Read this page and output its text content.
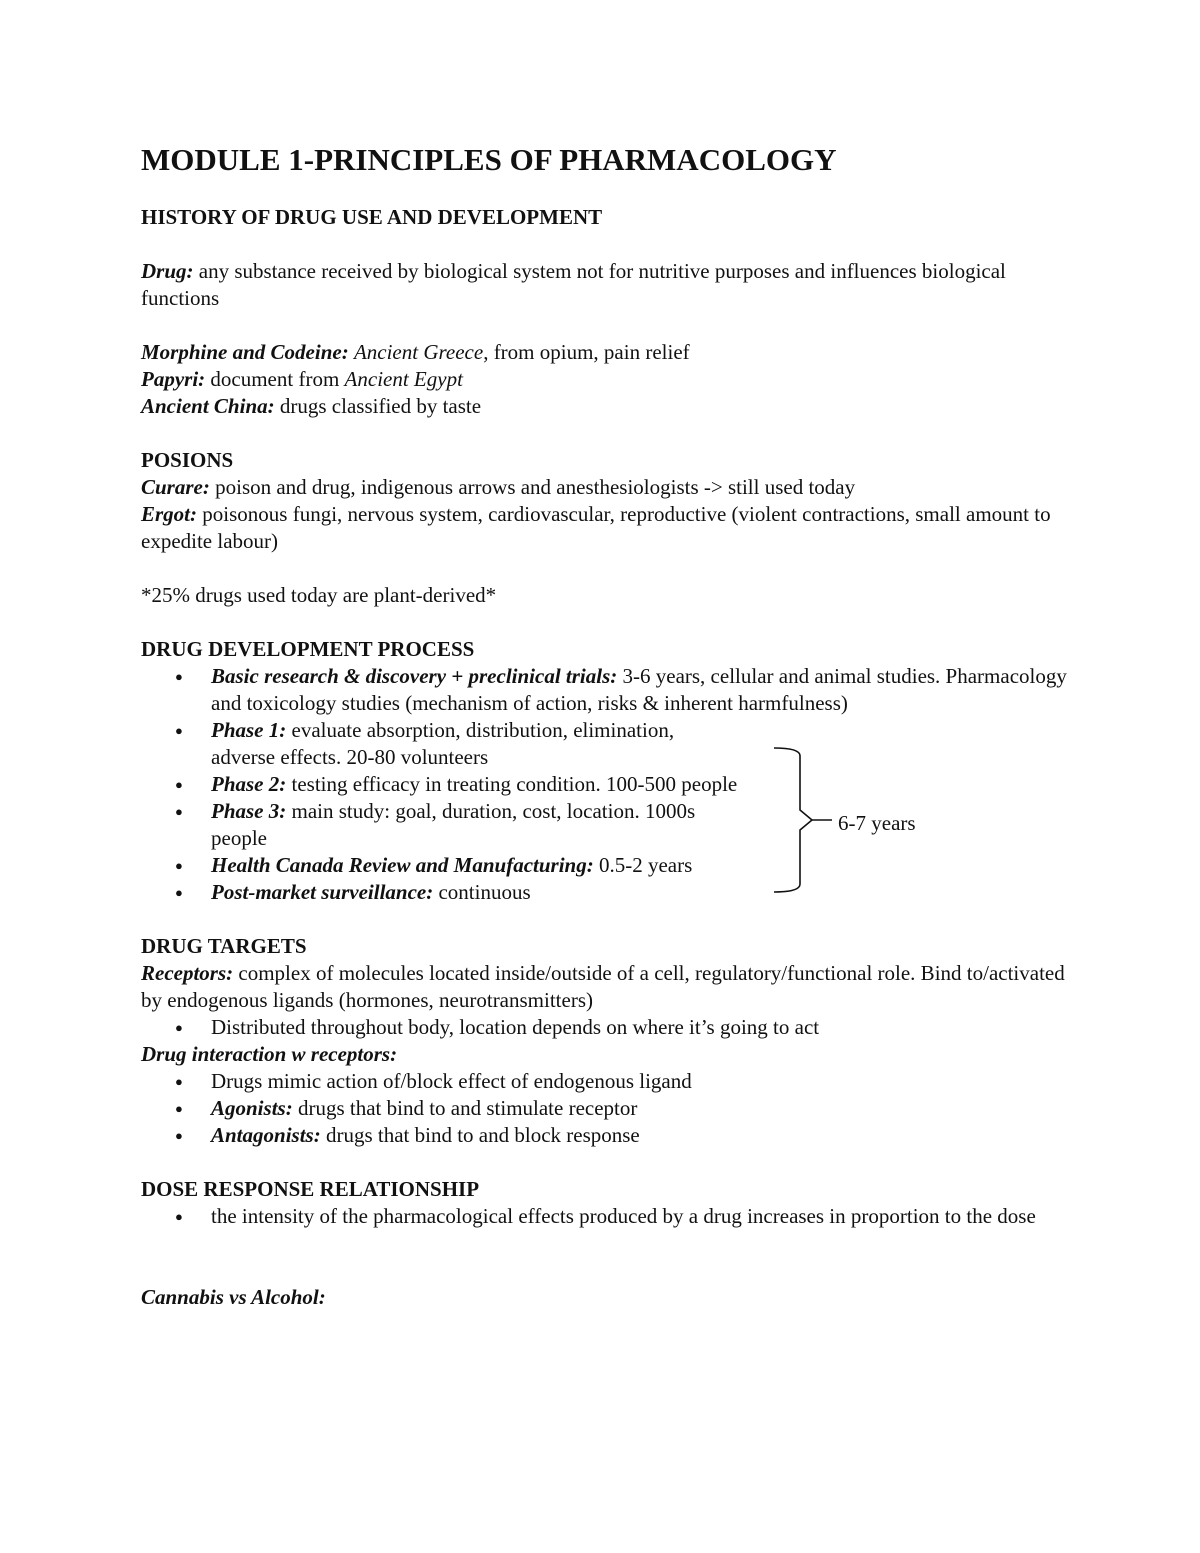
MODULE 1-PRINCIPLES OF PHARMACOLOGY
HISTORY OF DRUG USE AND DEVELOPMENT
Drug: any substance received by biological system not for nutritive purposes and influences biological functions
Morphine and Codeine: Ancient Greece, from opium, pain relief
Papyri: document from Ancient Egypt
Ancient China: drugs classified by taste
POSIONS
Curare: poison and drug, indigenous arrows and anesthesiologists -> still used today
Ergot: poisonous fungi, nervous system, cardiovascular, reproductive (violent contractions, small amount to expedite labour)
*25% drugs used today are plant-derived*
DRUG DEVELOPMENT PROCESS
● Basic research & discovery + preclinical trials: 3-6 years, cellular and animal studies. Pharmacology and toxicology studies (mechanism of action, risks & inherent harmfulness)
● Phase 1: evaluate absorption, distribution, elimination, adverse effects. 20-80 volunteers
● Phase 2: testing efficacy in treating condition. 100-500 people
● Phase 3: main study: goal, duration, cost, location. 1000s people
● Health Canada Review and Manufacturing: 0.5-2 years
● Post-market surveillance: continuous
DRUG TARGETS
Receptors: complex of molecules located inside/outside of a cell, regulatory/functional role. Bind to/activated by endogenous ligands (hormones, neurotransmitters)
● Distributed throughout body, location depends on where it’s going to act
Drug interaction w receptors:
● Drugs mimic action of/block effect of endogenous ligand
● Agonists: drugs that bind to and stimulate receptor
● Antagonists: drugs that bind to and block response
DOSE RESPONSE RELATIONSHIP
● the intensity of the pharmacological effects produced by a drug increases in proportion to the dose
Cannabis vs Alcohol:
6-7 years
